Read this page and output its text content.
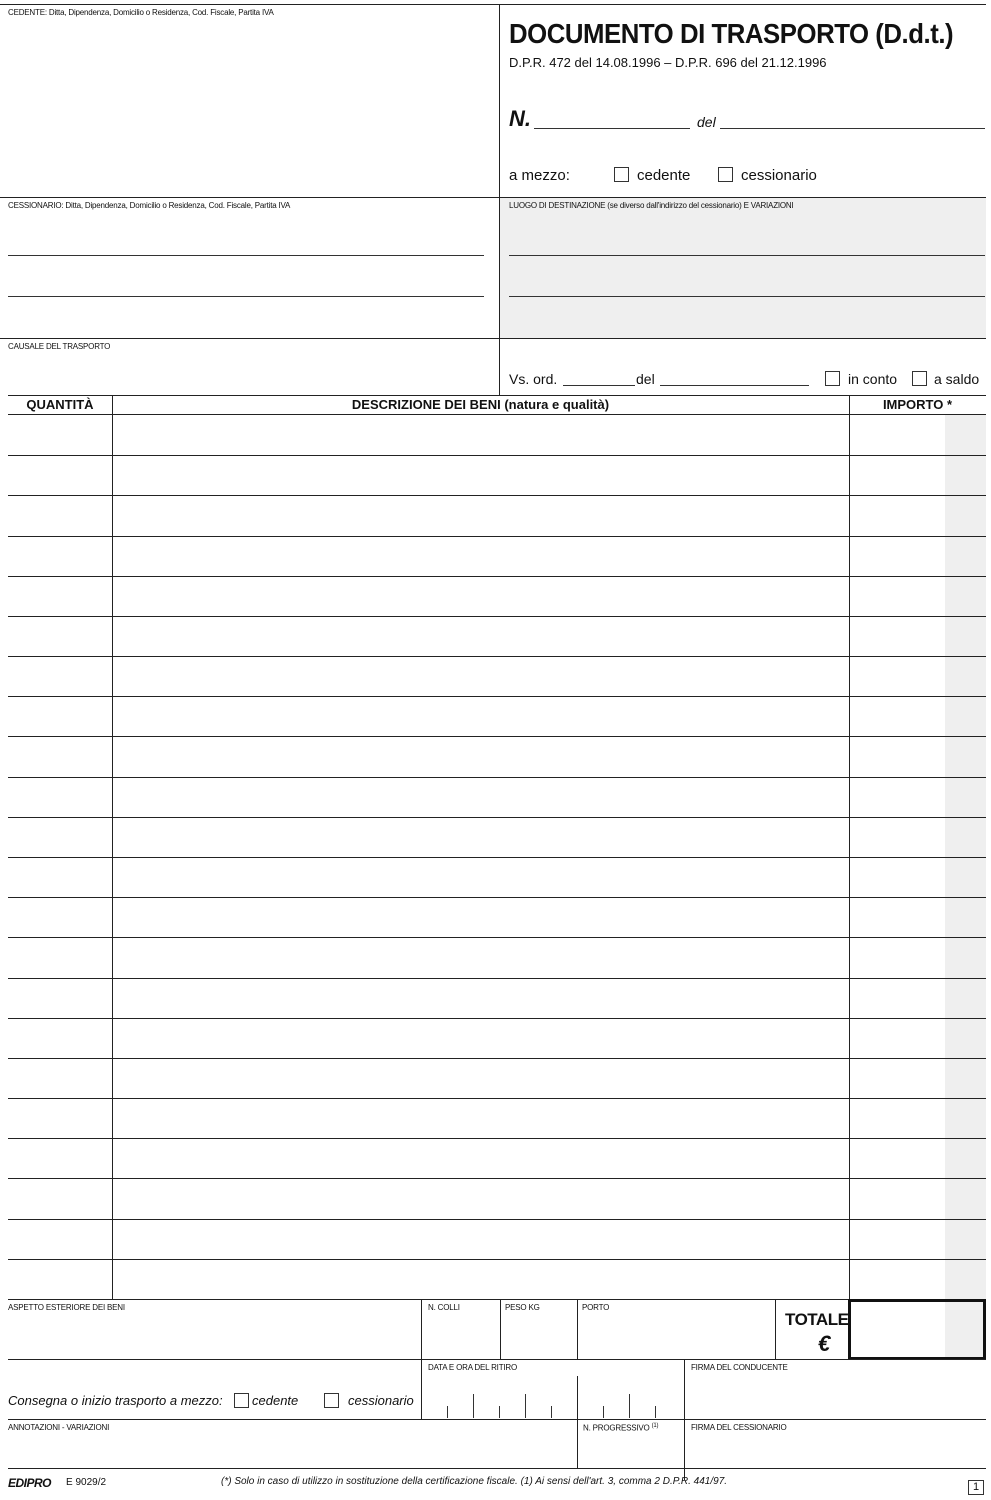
CEDENTE: Ditta, Dipendenza, Domicilio o Residenza, Cod. Fiscale, Partita IVA
DOCUMENTO DI TRASPORTO (D.d.t.)
D.P.R. 472 del 14.08.1996 – D.P.R. 696 del 21.12.1996
N.	del
a mezzo:	cedente	cessionario
CESSIONARIO: Ditta, Dipendenza, Domicilio o Residenza, Cod. Fiscale, Partita IVA	LUOGO DI DESTINAZIONE (se diverso dall'indirizzo del cessionario) E VARIAZIONI
CAUSALE DEL TRASPORTO
Vs. ord.	del	in conto	a saldo
QUANTITÀ	DESCRIZIONE DEI BENI (natura e qualità)	IMPORTO *
ASPETTO ESTERIORE DEI BENI	N. COLLI	PESO KG	PORTO
TOTALE
€
DATA E ORA DEL RITIRO	FIRMA DEL CONDUCENTE
Consegna o inizio trasporto a mezzo: cedente	cessionario
ANNOTAZIONI - VARIAZIONI	N. PROGRESSIVO $^{(1)}$	FIRMA DEL CESSIONARIO
EDIPRO E 9029/2	(*) Solo in caso di utilizzo in sostituzione della certificazione fiscale. (1) Ai sensi dell'art. 3, comma 2 D.P.R. 441/97.	1
